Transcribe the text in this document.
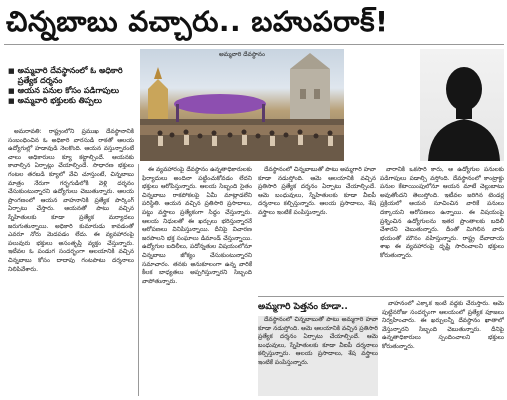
చిన్నబాబు వచ్చారు.. బహుపరాక్!
■ అమ్మవారి దేవస్థానంలో ఓ అధికారి ప్రత్యేక దర్శనం
■ ఆయన పనుల కోసం పడిగాపులు
■ అమ్మవారి భక్తులకు తిప్పలు
అమ్మవారి దేవస్థానం

అమరావతి: రాష్ట్రంలోని ప్రముఖ దేవస్థానానికి సంబంధించిన ఓ అధికారి వారసుడి రాకతో ఆలయ ఉద్యోగుల్లో హడావుడి నెలకొంది. ఆయన వస్తున్నారంటే చాలు అధికారులు క్యూ కట్టాల్సిందే. ఆయనకు కావాల్సిన ఏర్పాట్లు చేయాల్సిందే. సాధారణ భక్తులు గంటల తరబడి క్యూలో వేచి చూస్తుంటే, చిన్నబాబు మాత్రం నేరుగా గర్భగుడిలోకి వెళ్లి దర్శనం చేసుకుంటున్నారని ఉద్యోగులు చెబుతున్నారు. ఆలయ ప్రాంగణంలో ఆయన వాహనానికి ప్రత్యేక పార్కింగ్ ఏర్పాటు చేస్తారు. ఆయనతో పాటు వచ్చిన స్నేహితులకు కూడా ప్రత్యేక మర్యాదలు జరుగుతున్నాయి. అధికారి కుమారుడు కావడంతో ఎవరూ నోరు మెదపడం లేదు. ఈ వ్యవహారంపై పలువురు భక్తులు అసంతృప్తి వ్యక్తం చేస్తున్నారు. ఇటీవల ఓ పండుగ సందర్భంగా ఆలయానికి వచ్చిన చిన్నబాబు కోసం దాదాపు గంటపాటు దర్శనాలు నిలిపివేశారు.

ఈ వ్యవహారంపై దేవస్థానం ఉన్నతాధికారులకు ఫిర్యాదులు అందినా పట్టించుకోవడం లేదని భక్తులు ఆరోపిస్తున్నారు. ఆలయ సిబ్బంది సైతం చిన్నబాబు రాకపోకలపై ఏమీ మాట్లాడలేని పరిస్థితి. ఆయన వచ్చిన ప్రతిసారి ప్రసాదాలు, పట్టు వస్త్రాలు ప్రత్యేకంగా సిద్ధం చేస్తున్నారు. ఆలయ నిధులతో ఈ ఖర్చులు భరిస్తున్నారనే ఆరోపణలు వినిపిస్తున్నాయి. దీనిపై విచారణ జరపాలని భక్త సంఘాలు డిమాండ్ చేస్తున్నాయి. ఉద్యోగుల బదిలీలు, పదోన్నతుల విషయంలోనూ చిన్నబాబు జోక్యం చేసుకుంటున్నారని సమాచారం. తనకు అనుకూలంగా ఉన్న వారికే కీలక బాధ్యతలు అప్పగిస్తున్నారని సిబ్బంది వాపోతున్నారు.

దేవస్థానంలో చిన్నబాబుతో పాటు అమ్మగారి హవా కూడా నడుస్తోంది. ఆమె ఆలయానికి వచ్చిన ప్రతిసారి ప్రత్యేక దర్శనం ఏర్పాటు చేయాల్సిందే. ఆమె బంధువులు, స్నేహితులకు కూడా వీఐపీ దర్శనాలు కల్పిస్తున్నారు. ఆలయ ప్రసాదాలు, శేష వస్త్రాలు ఇంటికే పంపిస్తున్నారు.

వారానికి ఒకసారి కారు, ఆ ఉద్యోగుల పనులకు పడిగాపులు పడాల్సి వస్తోంది. దేవస్థానంలో కాంట్రాక్టు పనుల కేటాయింపులోనూ ఆయన మాటే చెల్లుబాటు అవుతోందని తెలుస్తోంది. ఇటీవల జరిగిన టెండర్ల ప్రక్రియలో ఆయన సూచించిన వారికే పనులు దక్కాయని ఆరోపణలు ఉన్నాయి. ఈ విషయంపై ప్రశ్నించిన ఉద్యోగులను ఇతర ప్రాంతాలకు బదిలీ చేశారని చెబుతున్నారు. దీంతో మిగిలిన వారు భయంతో మౌనం వహిస్తున్నారు. రాష్ట్ర దేవాదాయ శాఖ ఈ వ్యవహారంపై దృష్టి సారించాలని భక్తులు కోరుతున్నారు.

అమ్మగారి పెత్తనం కూడా..

దేవస్థానంలో చిన్నబాబుతో పాటు అమ్మగారి హవా కూడా నడుస్తోంది. ఆమె ఆలయానికి వచ్చిన ప్రతిసారి ప్రత్యేక దర్శనం ఏర్పాటు చేయాల్సిందే. ఆమె బంధువులు, స్నేహితులకు కూడా వీఐపీ దర్శనాలు కల్పిస్తున్నారు. ఆలయ ప్రసాదాలు, శేష వస్త్రాలు ఇంటికే పంపిస్తున్నారు.

వాహనంలో ఎక్కాక ఇంటి వద్దకు చేరుస్తారు. ఆమె పుట్టినరోజు సందర్భంగా ఆలయంలో ప్రత్యేక పూజలు నిర్వహించారు. ఈ ఖర్చులన్నీ దేవస్థానం ఖాతాలో వేస్తున్నారని సిబ్బంది చెబుతున్నారు. దీనిపై ఉన్నతాధికారులు స్పందించాలని భక్తులు కోరుతున్నారు.
